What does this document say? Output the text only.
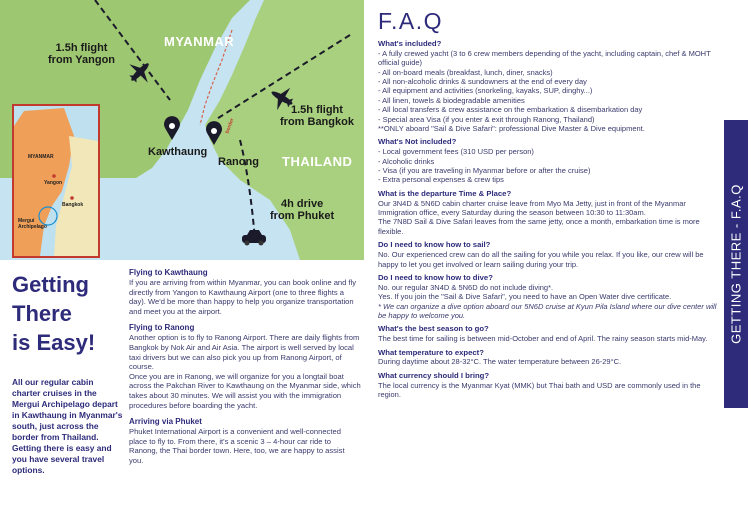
1.5h flight
from Yangon
1.5h flight
from Bangkok
4h drive
from Phuket
MYANMAR
THAILAND
Kawthaung
Ranong
border
MYANMAR
Yangon
Bangkok
Mergui
Archipelago
Getting
There
is Easy!
All our regular cabin charter cruises in the Mergui Archipelago depart in Kawthaung in Myanmar's south, just across the border from Thailand. Getting there is easy and you have several travel options.
Flying to Kawthaung

If you are arriving from within Myanmar, you can book online and fly directly from Yangon to Kawthaung Airport (one to three flights a day). We'd be more than happy to help you organize transportation and meet you at the airport.

Flying to Ranong

Another option is to fly to Ranong Airport. There are daily flights from Bangkok by Nok Air and Air Asia. The airport is well served by local taxi drivers but we can also pick you up from Ranong Airport, of course.
Once you are in Ranong, we will organize for you a longtail boat across the Pakchan River to Kawthaung on the Myanmar side, which takes about 30 minutes. We will assist you with the immigration procedures before boarding the yacht.

Arriving via Phuket

Phuket International Airport is a convenient and well-connected place to fly to. From there, it's a scenic 3 – 4-hour car ride to Ranong, the Thai border town. Here, too, we are happy to assist you.

F.A.Q
What's included?
- A fully crewed yacht (3 to 6 crew members depending of the yacht, including captain, chef & MOHT official guide)
- All on-board meals (breakfast, lunch, diner, snacks)
- All non-alcoholic drinks & sundowners at the end of every day
- All equipment and activities (snorkeling, kayaks, SUP, dinghy...)
- All linen, towels & biodegradable amenities
- All local transfers & crew assistance on the embarkation & disembarkation day
- Special area Visa (if you enter & exit through Ranong, Thailand)
**ONLY aboard "Sail & Dive Safari": professional Dive Master & Dive equipment.
What's Not included?
- Local government fees (310 USD per person)
- Alcoholic drinks
- Visa (if you are traveling in Myanmar before or after the cruise)
- Extra personal expenses & crew tips
What is the departure Time & Place?
Our 3N4D & 5N6D cabin charter cruise leave from Myo Ma Jetty, just in front of the Myanmar Immigration office, every Saturday during the season between 10:30 to 11:30am.
The 7N8D Sail & Dive Safari leaves from the same jetty, once a month, embarkation time is more flexible.
Do I need to know how to sail?
No. Our experienced crew can do all the sailing for you while you relax. If you like, our crew will be happy to let you get involved or learn sailing during your trip.
Do I need to know how to dive?
No. our regular 3N4D & 5N6D do not include diving*.
Yes. If you join the "Sail & Dive Safari", you need to have an Open Water dive certificate.
* We can organize a dive option aboard our 5N6D cruise at Kyun Pila Island where our dive center will be happy to welcome you.
What's the best season to go?
The best time for sailing is between mid-October and end of April. The rainy season starts mid-May.
What temperature to expect?
During daytime about 28-32°C. The water temperature between 26-29°C.
What currency should I bring?
The local currency is the Myanmar Kyat (MMK) but Thai bath and USD are commonly used in the region.
GETTING THERE - F.A.Q
